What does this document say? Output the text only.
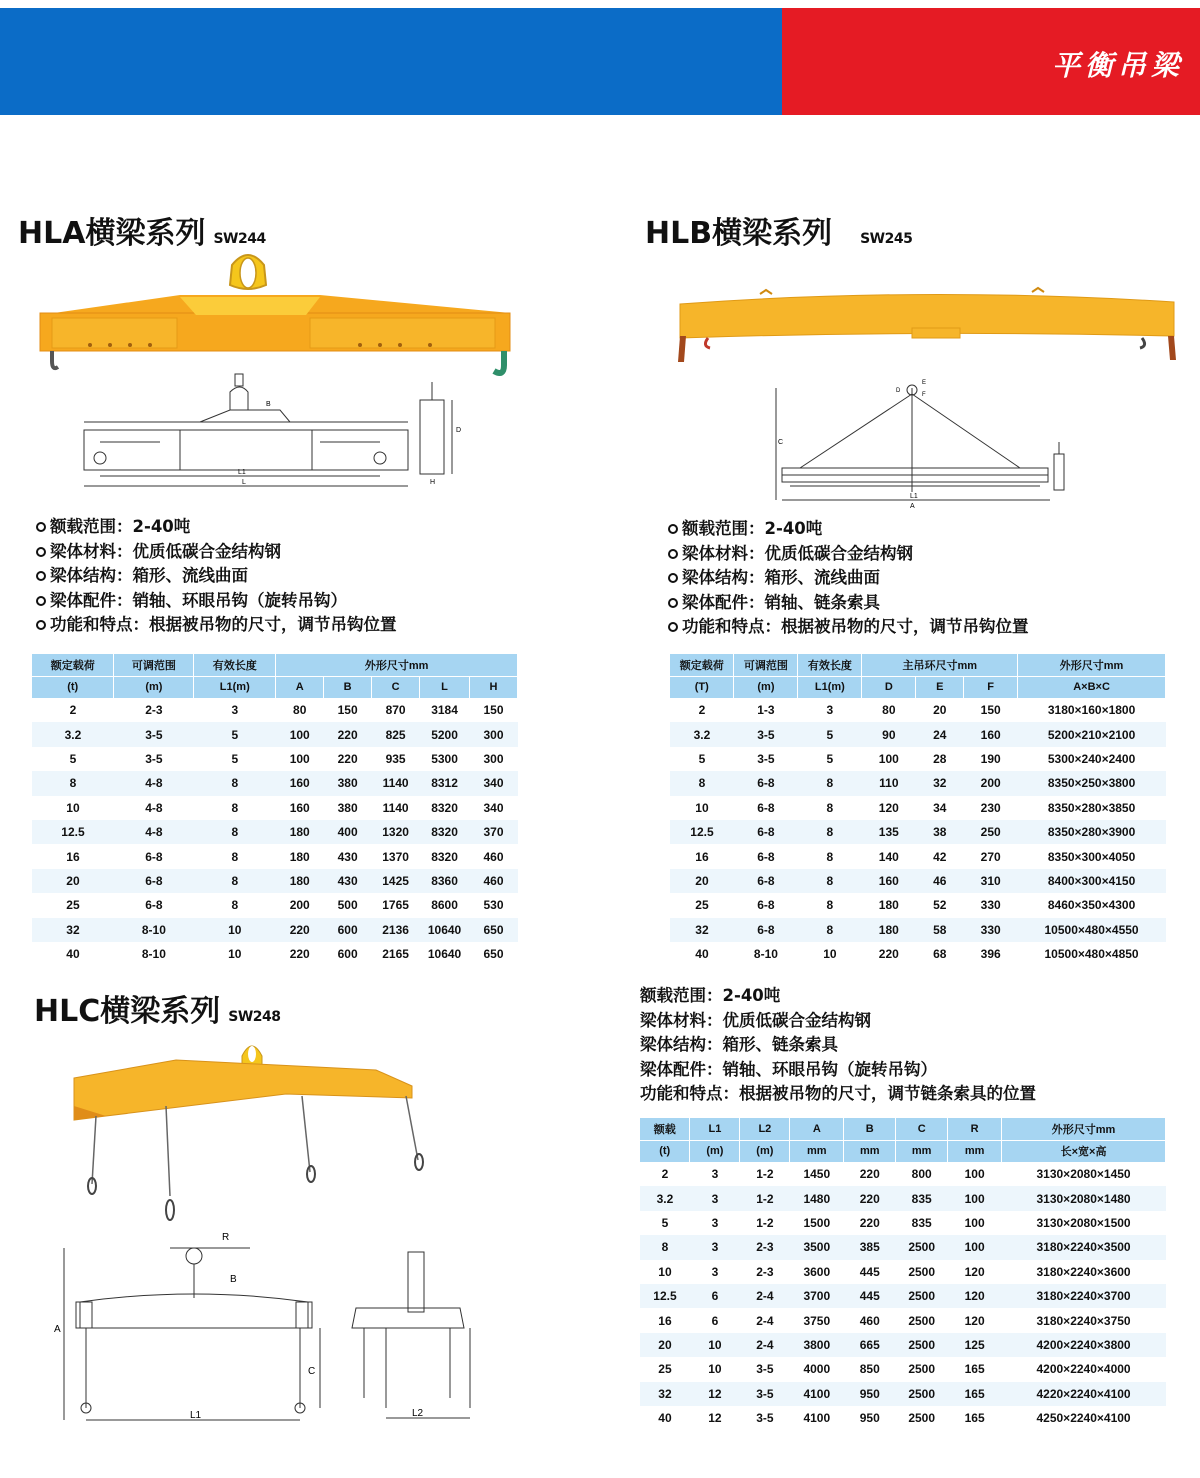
平衡吊梁
HLA横梁系列 SW244
L1
L
B
H
D
额载范围：2-40吨
梁体材料：优质低碳合金结构钢
梁体结构：箱形、流线曲面
梁体配件：销轴、环眼吊钩（旋转吊钩）
功能和特点：根据被吊物的尺寸，调节吊钩位置
额定载荷	可调范围	有效长度	外形尺寸mm				
(t)	(m)	L1(m)	A	B	C	L	H
2	2-3	3	80	150	870	3184	150
3.2	3-5	5	100	220	825	5200	300
5	3-5	5	100	220	935	5300	300
8	4-8	8	160	380	1140	8312	340
10	4-8	8	160	380	1140	8320	340
12.5	4-8	8	180	400	1320	8320	370
16	6-8	8	180	430	1370	8320	460
20	6-8	8	180	430	1425	8360	460
25	6-8	8	200	500	1765	8600	530
32	8-10	10	220	600	2136	10640	650
40	8-10	10	220	600	2165	10640	650
HLB横梁系列 SW245
L1
A
C
D
E
F
额载范围：2-40吨
梁体材料：优质低碳合金结构钢
梁体结构：箱形、流线曲面
梁体配件：销轴、链条索具
功能和特点：根据被吊物的尺寸，调节吊钩位置
额定载荷	可调范围	有效长度	主吊环尺寸mm			外形尺寸mm
(T)	(m)	L1(m)	D	E	F	A×B×C
2	1-3	3	80	20	150	3180×160×1800
3.2	3-5	5	90	24	160	5200×210×2100
5	3-5	5	100	28	190	5300×240×2400
8	6-8	8	110	32	200	8350×250×3800
10	6-8	8	120	34	230	8350×280×3850
12.5	6-8	8	135	38	250	8350×280×3900
16	6-8	8	140	42	270	8350×300×4050
20	6-8	8	160	46	310	8400×300×4150
25	6-8	8	180	52	330	8460×350×4300
32	6-8	8	180	58	330	10500×480×4550
40	8-10	10	220	68	396	10500×480×4850
HLC横梁系列 SW248
R
B
A
C
L1	L2
额载范围：2-40吨
梁体材料：优质低碳合金结构钢
梁体结构：箱形、链条索具
梁体配件：销轴、环眼吊钩（旋转吊钩）
功能和特点：根据被吊物的尺寸，调节链条索具的位置
额载	L1	L2	A	B	C	R	外形尺寸mm
(t)	(m)	(m)	mm	mm	mm	mm	长×宽×高
2	3	1-2	1450	220	800	100	3130×2080×1450
3.2	3	1-2	1480	220	835	100	3130×2080×1480
5	3	1-2	1500	220	835	100	3130×2080×1500
8	3	2-3	3500	385	2500	100	3180×2240×3500
10	3	2-3	3600	445	2500	120	3180×2240×3600
12.5	6	2-4	3700	445	2500	120	3180×2240×3700
16	6	2-4	3750	460	2500	120	3180×2240×3750
20	10	2-4	3800	665	2500	125	4200×2240×3800
25	10	3-5	4000	850	2500	165	4200×2240×4000
32	12	3-5	4100	950	2500	165	4220×2240×4100
40	12	3-5	4100	950	2500	165	4250×2240×4100
